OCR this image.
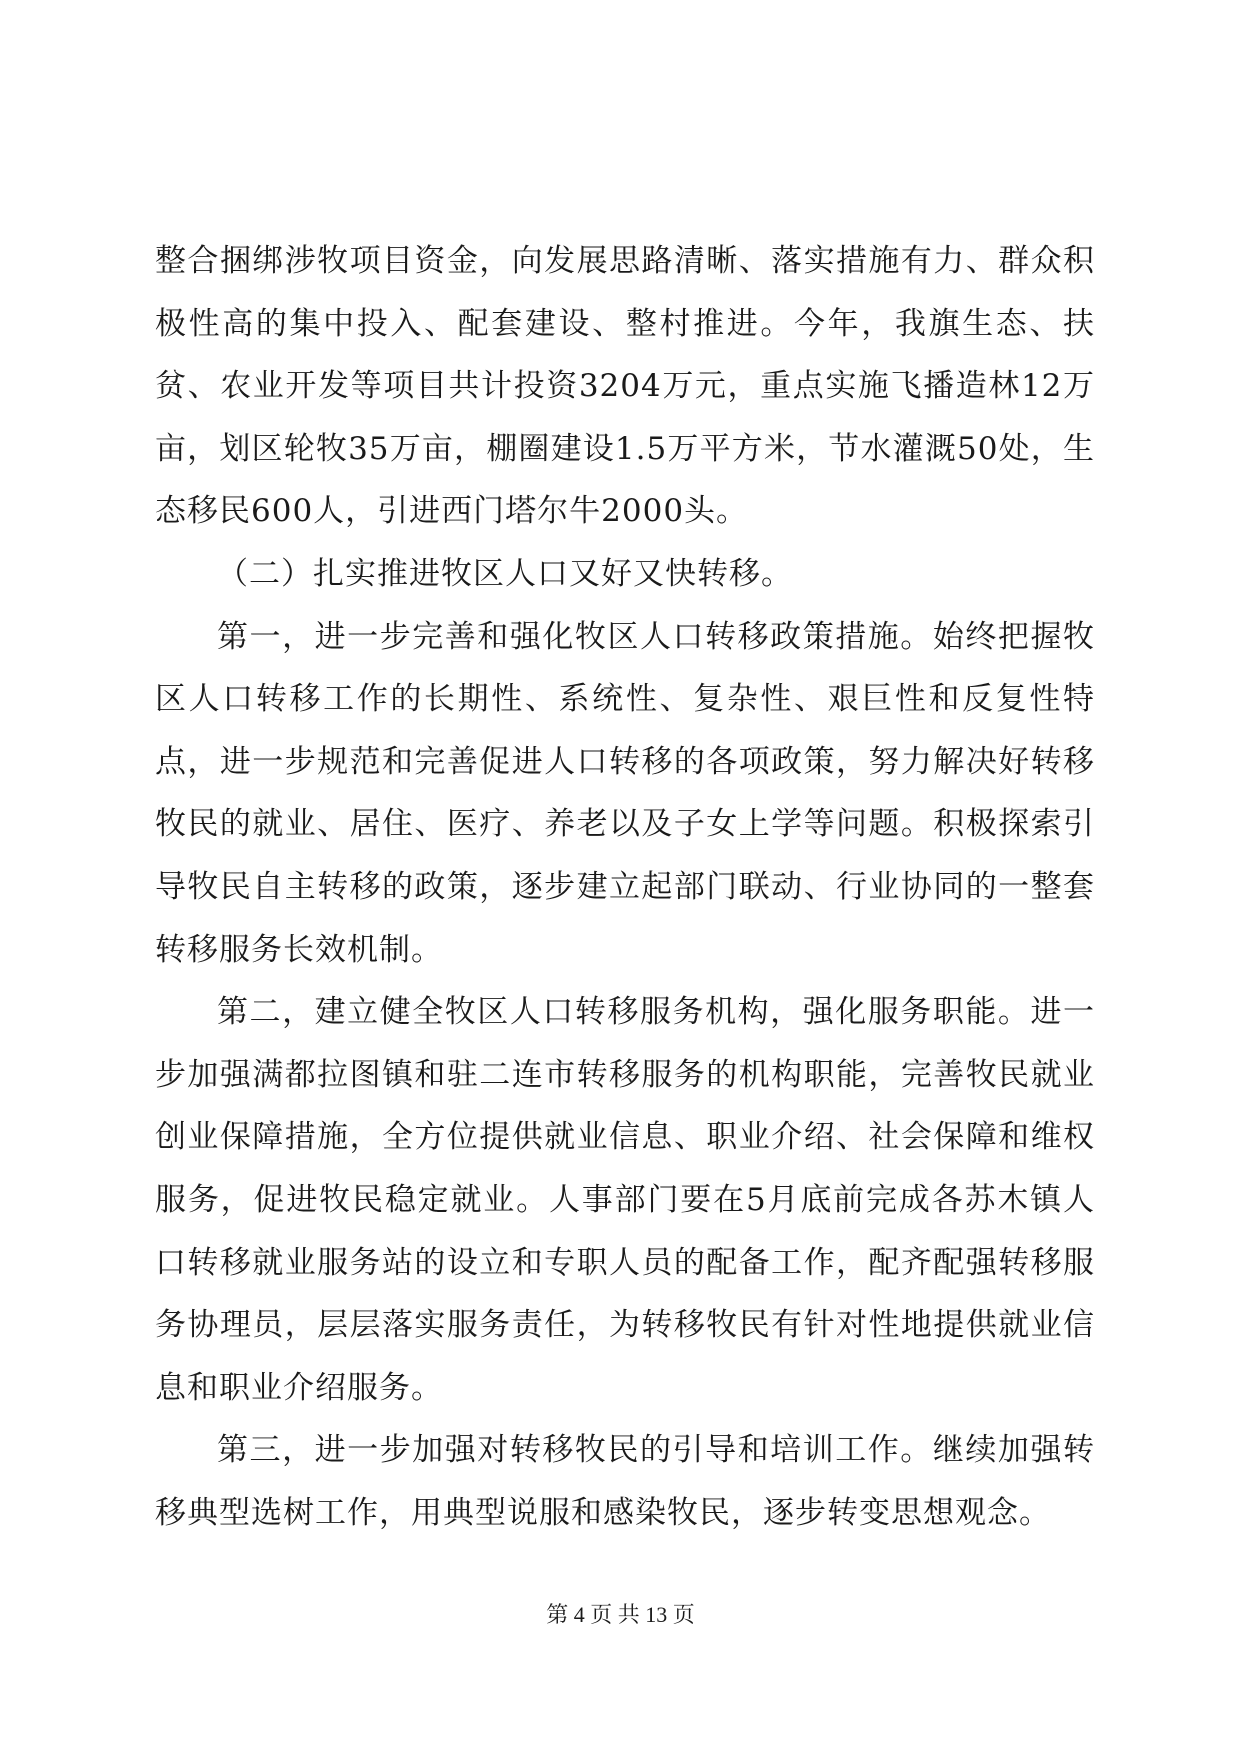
整合捆绑涉牧项目资金，向发展思路清晰、落实措施有力、群众积极性高的集中投入、配套建设、整村推进。今年，我旗生态、扶贫、农业开发等项目共计投资3204万元，重点实施飞播造林12万亩，划区轮牧35万亩，棚圈建设1.5万平方米，节水灌溉50处，生态移民600人，引进西门塔尔牛2000头。

（二）扎实推进牧区人口又好又快转移。

第一，进一步完善和强化牧区人口转移政策措施。始终把握牧区人口转移工作的长期性、系统性、复杂性、艰巨性和反复性特点，进一步规范和完善促进人口转移的各项政策，努力解决好转移牧民的就业、居住、医疗、养老以及子女上学等问题。积极探索引导牧民自主转移的政策，逐步建立起部门联动、行业协同的一整套转移服务长效机制。

第二，建立健全牧区人口转移服务机构，强化服务职能。进一步加强满都拉图镇和驻二连市转移服务的机构职能，完善牧民就业创业保障措施，全方位提供就业信息、职业介绍、社会保障和维权服务，促进牧民稳定就业。人事部门要在5月底前完成各苏木镇人口转移就业服务站的设立和专职人员的配备工作，配齐配强转移服务协理员，层层落实服务责任，为转移牧民有针对性地提供就业信息和职业介绍服务。

第三，进一步加强对转移牧民的引导和培训工作。继续加强转移典型选树工作，用典型说服和感染牧民，逐步转变思想观念。

第 4 页 共 13 页
